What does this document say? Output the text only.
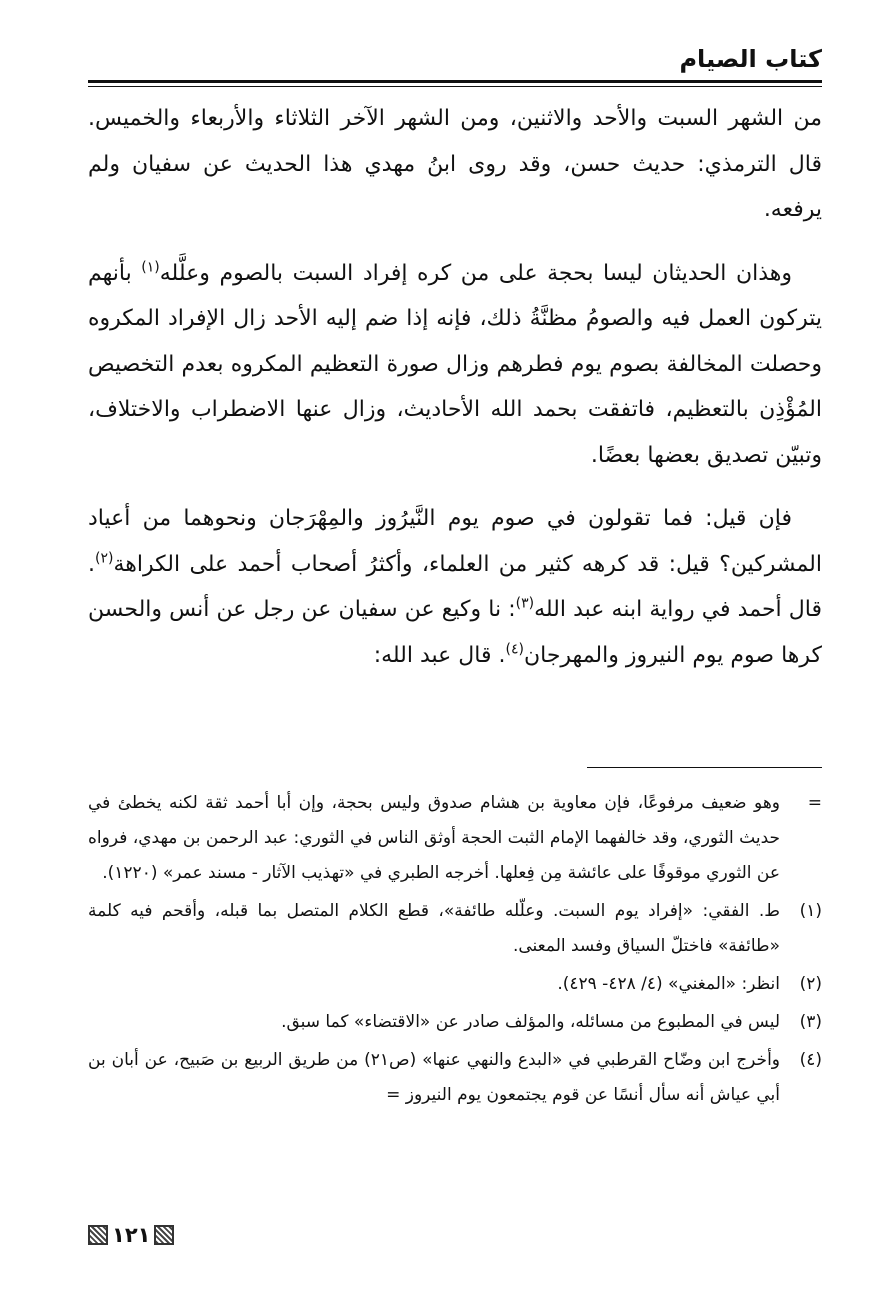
كتاب الصيام

من الشهر السبت والأحد والاثنين، ومن الشهر الآخر الثلاثاء والأربعاء والخميس. قال الترمذي: حديث حسن، وقد روى ابنُ مهدي هذا الحديث عن سفيان ولم يرفعه.

وهذان الحديثان ليسا بحجة على من كره إفراد السبت بالصوم وعلَّله$^{(١)}$ بأنهم يتركون العمل فيه والصومُ مظنَّةُ ذلك، فإنه إذا ضم إليه الأحد زال الإفراد المكروه وحصلت المخالفة بصوم يوم فطرهم وزال صورة التعظيم المكروه بعدم التخصيص المُؤْذِن بالتعظيم، فاتفقت بحمد الله الأحاديث، وزال عنها الاضطراب والاختلاف، وتبيّن تصديق بعضها بعضًا.

فإن قيل: فما تقولون في صوم يوم النَّيرُوز والمِهْرَجان ونحوهما من أعياد المشركين؟ قيل: قد كرهه كثير من العلماء، وأكثرُ أصحاب أحمد على الكراهة$^{(٢)}$. قال أحمد في رواية ابنه عبد الله$^{(٣)}$: نا وكيع عن سفيان عن رجل عن أنس والحسن كرها صوم يوم النيروز والمهرجان$^{(٤)}$. قال عبد الله:

=
وهو ضعيف مرفوعًا، فإن معاوية بن هشام صدوق وليس بحجة، وإن أبا أحمد ثقة لكنه يخطئ في حديث الثوري، وقد خالفهما الإمام الثبت الحجة أوثق الناس في الثوري: عبد الرحمن بن مهدي، فرواه عن الثوري موقوفًا على عائشة مِن فِعلها. أخرجه الطبري في «تهذيب الآثار - مسند عمر» (١٢٢٠).
(١)
ط. الفقي: «إفراد يوم السبت. وعلّله طائفة»، قطع الكلام المتصل بما قبله، وأقحم فيه كلمة «طائفة» فاختلّ السياق وفسد المعنى.
(٢)
انظر: «المغني» (٤/ ٤٢٨- ٤٢٩).
(٣)
ليس في المطبوع من مسائله، والمؤلف صادر عن «الاقتضاء» كما سبق.
(٤)
وأخرج ابن وضّاح القرطبي في «البدع والنهي عنها» (ص٢١) من طريق الربيع بن صَبيح، عن أبان بن أبي عياش أنه سأل أنسًا عن قوم يجتمعون يوم النيروز =
١٢١
